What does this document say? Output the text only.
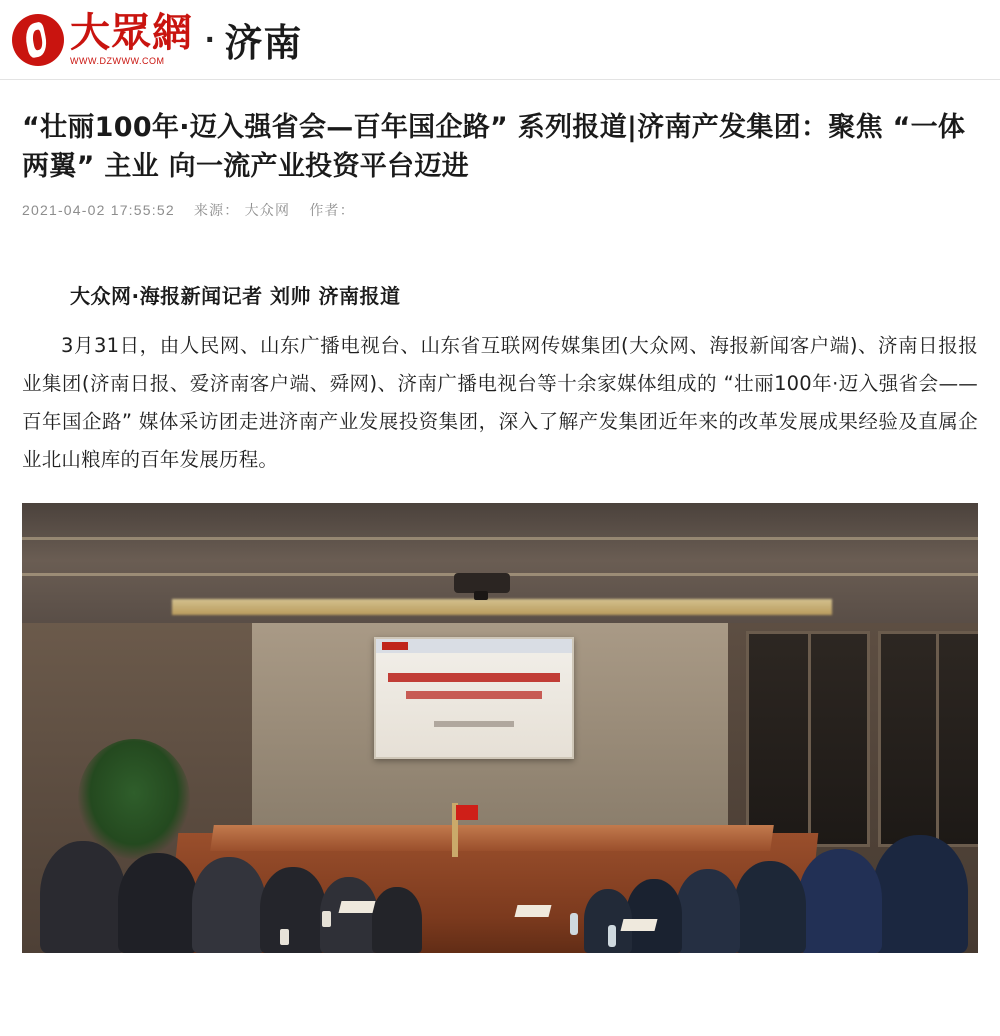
大眾網
WWW.DZWWW.COM
· 济南
“壮丽100年·迈入强省会—百年国企路” 系列报道|济南产发集团：聚焦 “一体两翼” 主业 向一流产业投资平台迈进
2021-04-02 17:55:52 来源： 大众网 作者：
大众网·海报新闻记者 刘帅 济南报道

3月31日，由人民网、山东广播电视台、山东省互联网传媒集团(大众网、海报新闻客户端)、济南日报报业集团(济南日报、爱济南客户端、舜网)、济南广播电视台等十余家媒体组成的 “壮丽100年·迈入强省会——百年国企路” 媒体采访团走进济南产业发展投资集团，深入了解产发集团近年来的改革发展成果经验及直属企业北山粮库的百年发展历程。
